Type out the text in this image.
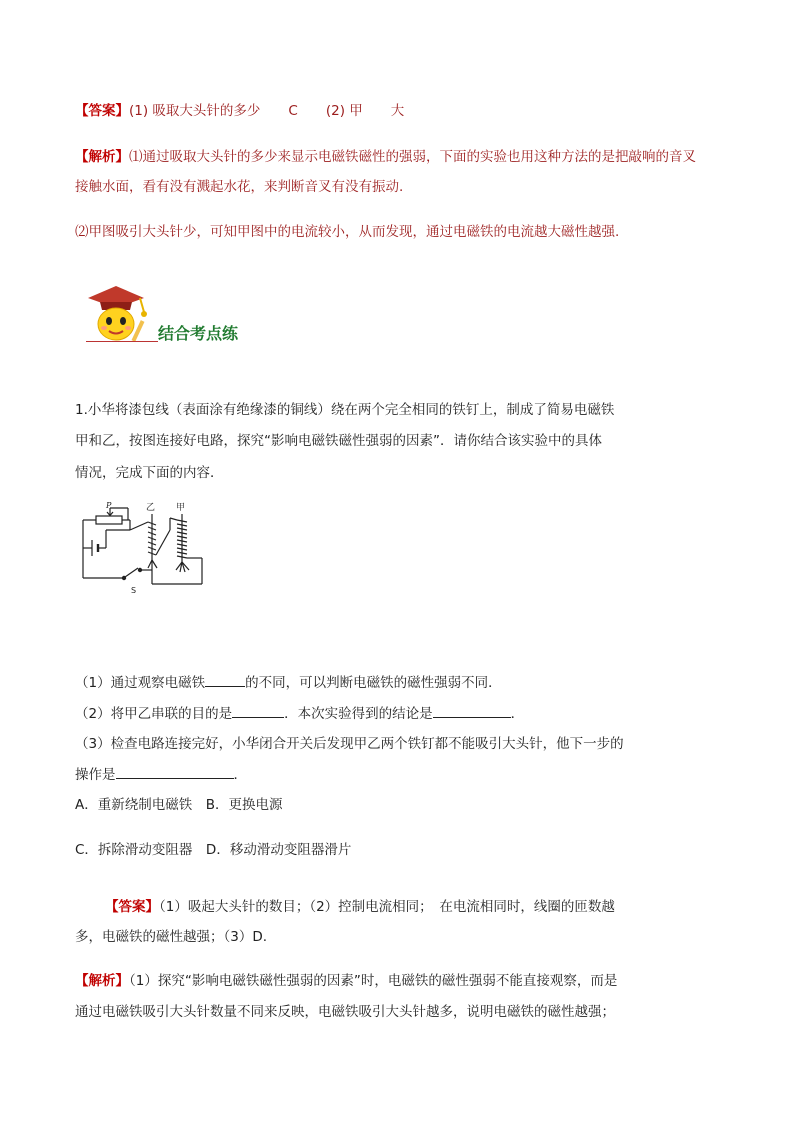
【答案】(1) 吸取大头针的多少 C (2) 甲 大
【解析】⑴通过吸取大头针的多少来显示电磁铁磁性的强弱，下面的实验也用这种方法的是把敲响的音叉
接触水面，看有没有溅起水花，来判断音叉有没有振动.
⑵甲图吸引大头针少，可知甲图中的电流较小，从而发现，通过电磁铁的电流越大磁性越强.
结合考点练
1.小华将漆包线（表面涂有绝缘漆的铜线）绕在两个完全相同的铁钉上，制成了简易电磁铁
甲和乙，按图连接好电路，探究“影响电磁铁磁性强弱的因素”．请你结合该实验中的具体
情况，完成下面的内容．
P	乙 甲
S
（1）通过观察电磁铁	的不同，可以判断电磁铁的磁性强弱不同．
（2）将甲乙串联的目的是	．本次实验得到的结论是	．
（3）检查电路连接完好，小华闭合开关后发现甲乙两个铁钉都不能吸引大头针，他下一步的
操作是	．
A．重新绕制电磁铁　B．更换电源
C．拆除滑动变阻器　D．移动滑动变阻器滑片
【答案】（1）吸起大头针的数目；（2）控制电流相同；　在电流相同时，线圈的匝数越
多，电磁铁的磁性越强；（3）D.
【解析】（1）探究“影响电磁铁磁性强弱的因素”时，电磁铁的磁性强弱不能直接观察，而是
通过电磁铁吸引大头针数量不同来反映，电磁铁吸引大头针越多，说明电磁铁的磁性越强；
